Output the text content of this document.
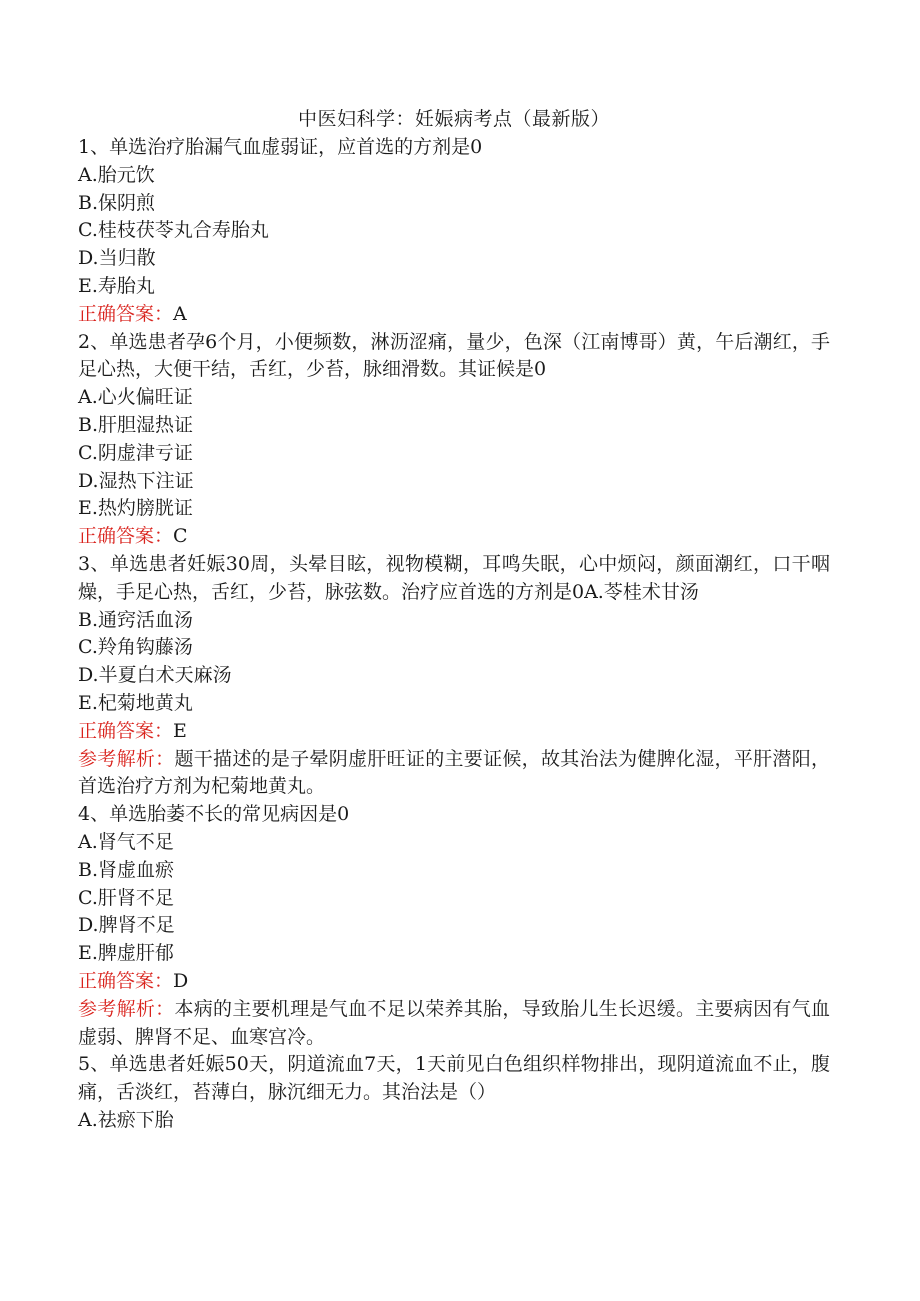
中医妇科学：妊娠病考点（最新版）

1、单选治疗胎漏气血虚弱证，应首选的方剂是0

A.胎元饮

B.保阴煎

C.桂枝茯苓丸合寿胎丸

D.当归散

E.寿胎丸

正确答案：A

2、单选患者孕6个月，小便频数，淋沥涩痛，量少，色深（江南博哥）黄，午后潮红，手足心热，大便干结，舌红，少苔，脉细滑数。其证候是0

A.心火偏旺证

B.肝胆湿热证

C.阴虚津亏证

D.湿热下注证

E.热灼膀胱证

正确答案：C

3、单选患者妊娠30周，头晕目眩，视物模糊，耳鸣失眠，心中烦闷，颜面潮红，口干咽燥，手足心热，舌红，少苔，脉弦数。治疗应首选的方剂是0A.苓桂术甘汤

B.通窍活血汤

C.羚角钩藤汤

D.半夏白术天麻汤

E.杞菊地黄丸

正确答案：E

参考解析：题干描述的是子晕阴虚肝旺证的主要证候，故其治法为健脾化湿，平肝潜阳，首选治疗方剂为杞菊地黄丸。

4、单选胎萎不长的常见病因是0

A.肾气不足

B.肾虚血瘀

C.肝肾不足

D.脾肾不足

E.脾虚肝郁

正确答案：D

参考解析：本病的主要机理是气血不足以荣养其胎，导致胎儿生长迟缓。主要病因有气血虚弱、脾肾不足、血寒宫冷。

5、单选患者妊娠50天，阴道流血7天，1天前见白色组织样物排出，现阴道流血不止，腹痛，舌淡红，苔薄白，脉沉细无力。其治法是（）

A.祛瘀下胎
